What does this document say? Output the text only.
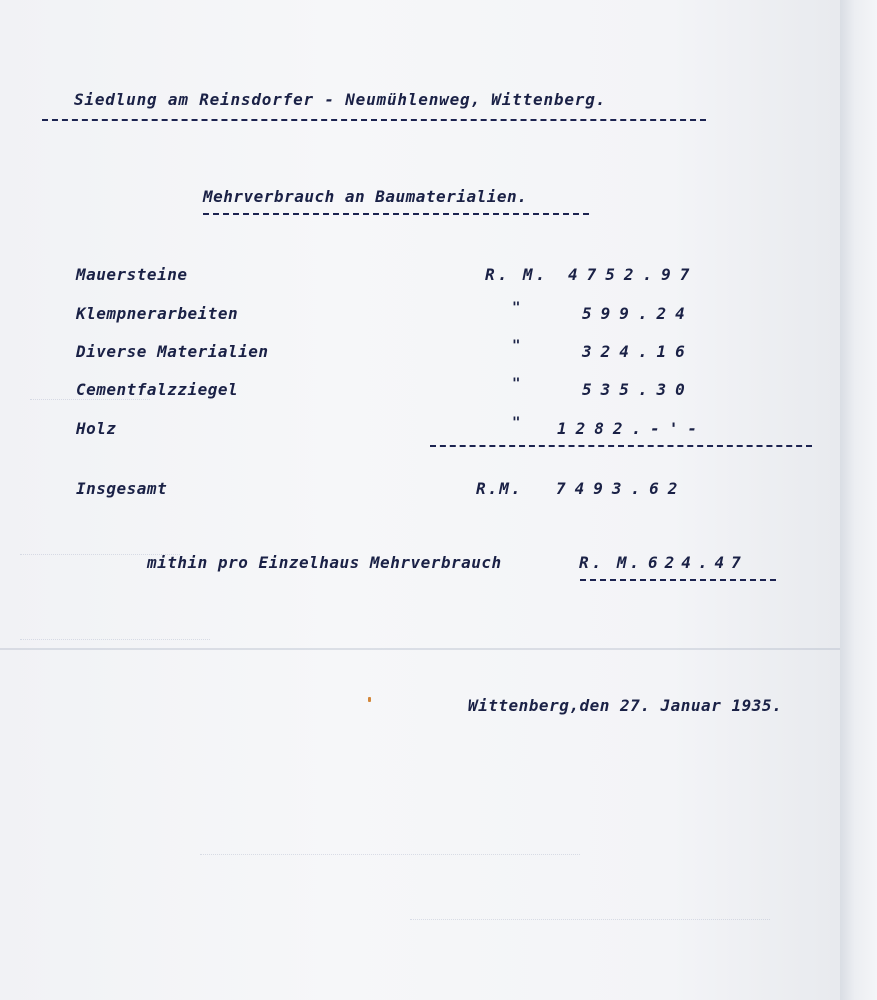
Siedlung am Reinsdorfer - Neumühlenweg, Wittenberg.
Mehrverbrauch an Baumaterialien.
Mauersteine	R. M. 4752.97
Klempnerarbeiten	"	599.24
Diverse Materialien	"	324.16
Cementfalzziegel	"	535.30
Holz	" 1282.-'-
Insgesamt	R.M. 7493.62
mithin pro Einzelhaus Mehrverbrauch	R. M. 624.47
Wittenberg,den 27. Januar 1935.
